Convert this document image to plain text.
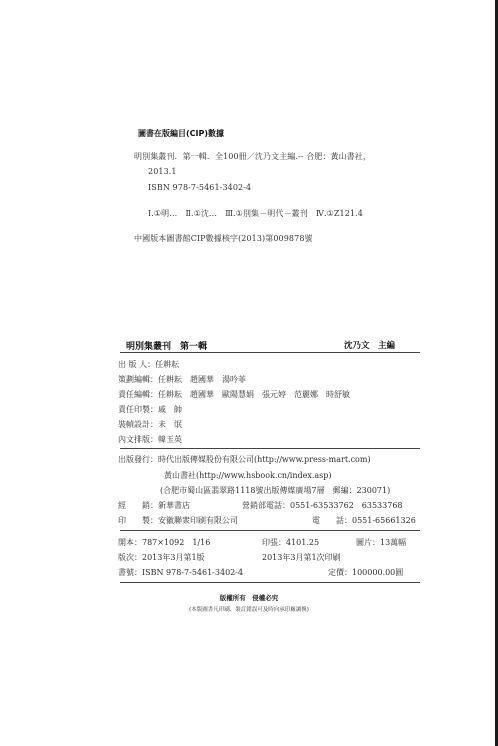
圖書在版編目(CIP)數據
明別集叢刊．第一輯．全100冊／沈乃文主編.-- 合肥：黃山書社，
2013.1
ISBN 978-7-5461-3402-4
Ⅰ.①明…　Ⅱ.①沈…　Ⅲ.①別集－明代－叢刊　Ⅳ.①Z121.4
中國版本圖書館CIP數據核字(2013)第009878號
明別集叢刊　第一輯	沈乃文　主編
出 版 人：任耕耘
策劃編輯：任耕耘　趙國華　湯吟菲
責任編輯：任耕耘　趙國華　歐陽慧娟　張元婷　范麗娜　時舒敏
責任印製：戚　帥
裝幀設計：未　氓
內文排版：韓玉英
出版發行：時代出版傳媒股份有限公司(http://www.press-mart.com)
黃山書社(http://www.hsbook.cn/index.asp)
(合肥市蜀山區翡翠路1118號出版傳媒廣場7層　郵編：230071)
經　　銷：新華書店	營銷部電話：0551-63533762　63533768
印　　製：安徽聯衆印刷有限公司	電　　話：0551-65661326
開本：787×1092　1/16	印張：4101.25	圖片：13萬幅
版次：2013年3月第1版	2013年3月第1次印刷
書號：ISBN 978-7-5461-3402-4	定價：100000.00圓
版權所有　侵權必究
(本版圖書凡印刷、裝訂錯誤可及時向承印廠調換)
